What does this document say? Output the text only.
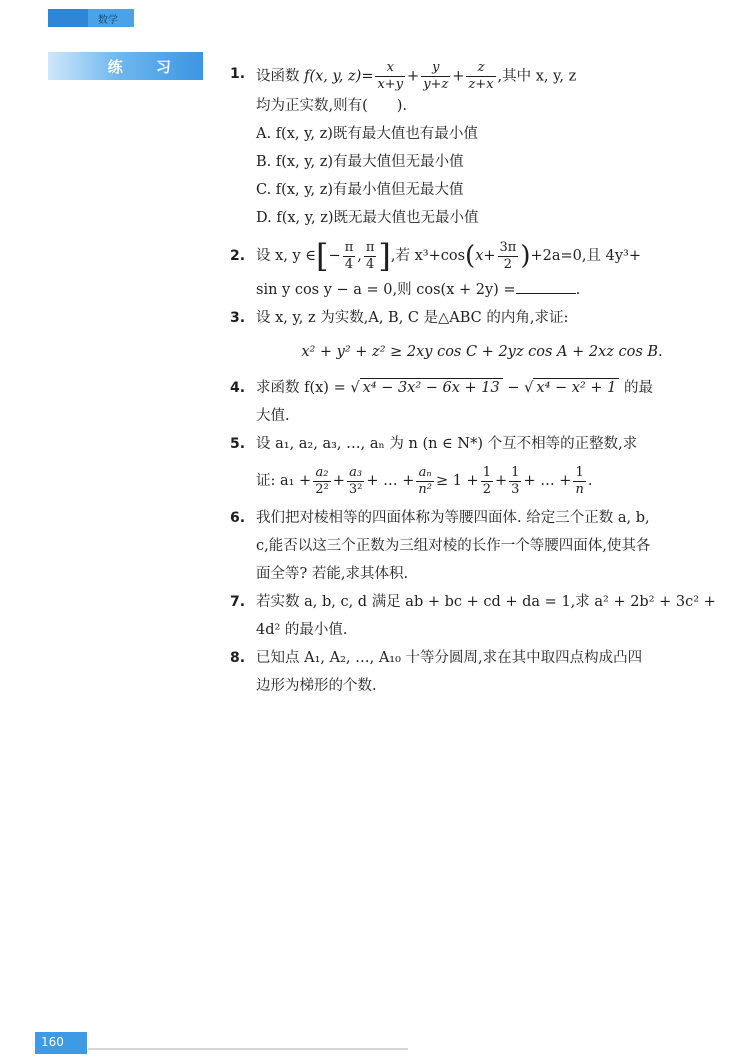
数学
练 习	1. 设函数 f(x, y, $z)= \frac{x}{x+y} + \frac{y}{y+z} + \frac{z}{z+x}$ ,其中 x, y, z
均为正实数,则有(　　).
A. f(x, y, z)既有最大值也有最小值
B. f(x, y, z)有最大值但无最小值
C. f(x, y, z)有最小值但无最大值
D. f(x, y, z)既无最大值也无最小值
2. 设 x, y ∈[− $\frac{\pi}{4}$ , $\frac{\pi}{4}$ ],若 $x^3+\cos(x+ \frac{3\pi}{2} )+2a=0$,且 4y³+
sin y cos y − a = 0,则 cos(x + 2y) =	.
3. 设 x, y, z 为实数,A, B, C 是△ABC 的内角,求证:
x² + y² + z² ≥ 2xy cos C + 2yz cos A + 2xz cos B.
4. 求函数 f(x) = √ x⁴ − 3x² − 6x + 13 − √ x⁴ − x² + 1 的最
大值.
5. 设 a₁, a₂, a₃, …, aₙ 为 n (n ∈ N*) 个互不相等的正整数,求
证: $a_1 + \frac{\text{a₂}}{\text{2²}} + \frac{\text{a₃}}{\text{3²}}$ + … + $\frac{\text{aₙ}}{\text{n²}} \ge 1 + \frac{1}{2} + \frac{1}{3}$ + … + $\frac{1}{n}$ .
6. 我们把对棱相等的四面体称为等腰四面体. 给定三个正数 a, b,
c,能否以这三个正数为三组对棱的长作一个等腰四面体,使其各
面全等? 若能,求其体积.
7. 若实数 a, b, c, d 满足 ab + bc + cd + da = 1,求 a² + 2b² + 3c² +
4d² 的最小值.
8. 已知点 A₁, A₂, …, A₁₀ 十等分圆周,求在其中取四点构成凸四
边形为梯形的个数.
160
